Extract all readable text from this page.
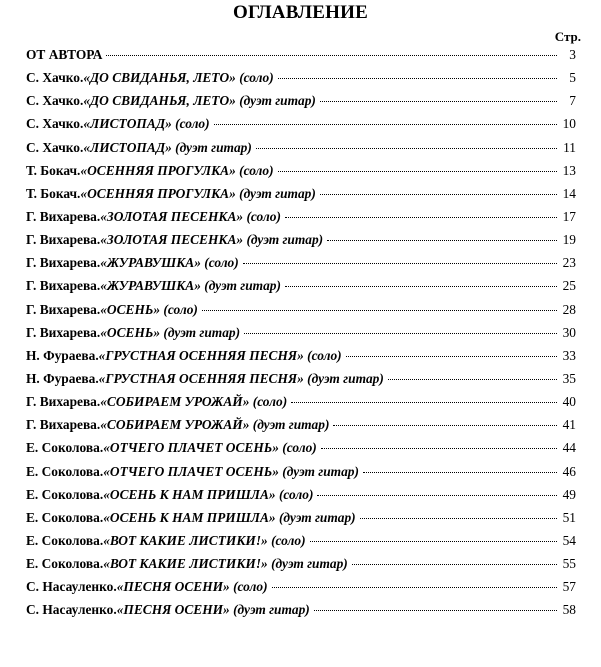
ОГЛАВЛЕНИЕ
Стр.
ОТ АВТОРА	3
С. Хачко. «ДО СВИДАНЬЯ, ЛЕТО» (соло)	5
С. Хачко. «ДО СВИДАНЬЯ, ЛЕТО» (дуэт гитар)	7
С. Хачко. «ЛИСТОПАД» (соло)	10
С. Хачко. «ЛИСТОПАД» (дуэт гитар)	11
Т. Бокач. «ОСЕННЯЯ ПРОГУЛКА» (соло)	13
Т. Бокач. «ОСЕННЯЯ ПРОГУЛКА» (дуэт гитар)	14
Г. Вихарева. «ЗОЛОТАЯ ПЕСЕНКА» (соло)	17
Г. Вихарева. «ЗОЛОТАЯ ПЕСЕНКА» (дуэт гитар)	19
Г. Вихарева. «ЖУРАВУШКА» (соло)	23
Г. Вихарева. «ЖУРАВУШКА» (дуэт гитар)	25
Г. Вихарева. «ОСЕНЬ» (соло)	28
Г. Вихарева. «ОСЕНЬ» (дуэт гитар)	30
Н. Фураева. «ГРУСТНАЯ ОСЕННЯЯ ПЕСНЯ» (соло)	33
Н. Фураева. «ГРУСТНАЯ ОСЕННЯЯ ПЕСНЯ» (дуэт гитар)	35
Г. Вихарева. «СОБИРАЕМ УРОЖАЙ» (соло)	40
Г. Вихарева. «СОБИРАЕМ УРОЖАЙ» (дуэт гитар)	41
Е. Соколова. «ОТЧЕГО ПЛАЧЕТ ОСЕНЬ» (соло)	44
Е. Соколова. «ОТЧЕГО ПЛАЧЕТ ОСЕНЬ» (дуэт гитар)	46
Е. Соколова. «ОСЕНЬ К НАМ ПРИШЛА» (соло)	49
Е. Соколова. «ОСЕНЬ К НАМ ПРИШЛА» (дуэт гитар)	51
Е. Соколова. «ВОТ КАКИЕ ЛИСТИКИ!» (соло)	54
Е. Соколова. «ВОТ КАКИЕ ЛИСТИКИ!» (дуэт гитар)	55
С. Насауленко. «ПЕСНЯ ОСЕНИ» (соло)	57
С. Насауленко. «ПЕСНЯ ОСЕНИ» (дуэт гитар)	58
